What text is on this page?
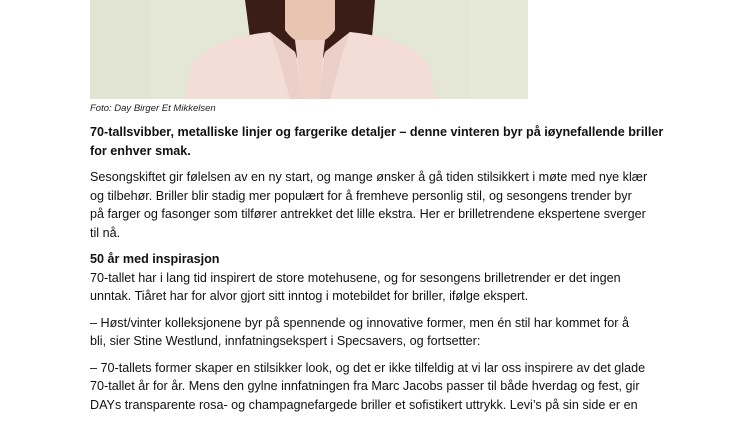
Foto: Day Birger Et Mikkelsen

70-tallsvibber, metalliske linjer og fargerike detaljer – denne vinteren byr på iøynefallende briller
for enhver smak.

Sesongskiftet gir følelsen av en ny start, og mange ønsker å gå tiden stilsikkert i møte med nye klær
og tilbehør. Briller blir stadig mer populært for å fremheve personlig stil, og sesongens trender byr
på farger og fasonger som tilfører antrekket det lille ekstra. Her er brilletrendene ekspertene sverger
til nå.

50 år med inspirasjon

70-tallet har i lang tid inspirert de store motehusene, og for sesongens brilletrender er det ingen
unntak. Tiåret har for alvor gjort sitt inntog i motebildet for briller, ifølge ekspert.

– Høst/vinter kolleksjonene byr på spennende og innovative former, men én stil har kommet for å
bli, sier Stine Westlund, innfatningsekspert i Specsavers, og fortsetter:

– 70-tallets former skaper en stilsikker look, og det er ikke tilfeldig at vi lar oss inspirere av det glade
70-tallet år for år. Mens den gylne innfatningen fra Marc Jacobs passer til både hverdag og fest, gir
DAYs transparente rosa- og champagnefargede briller et sofistikert uttrykk. Levi’s på sin side er en
